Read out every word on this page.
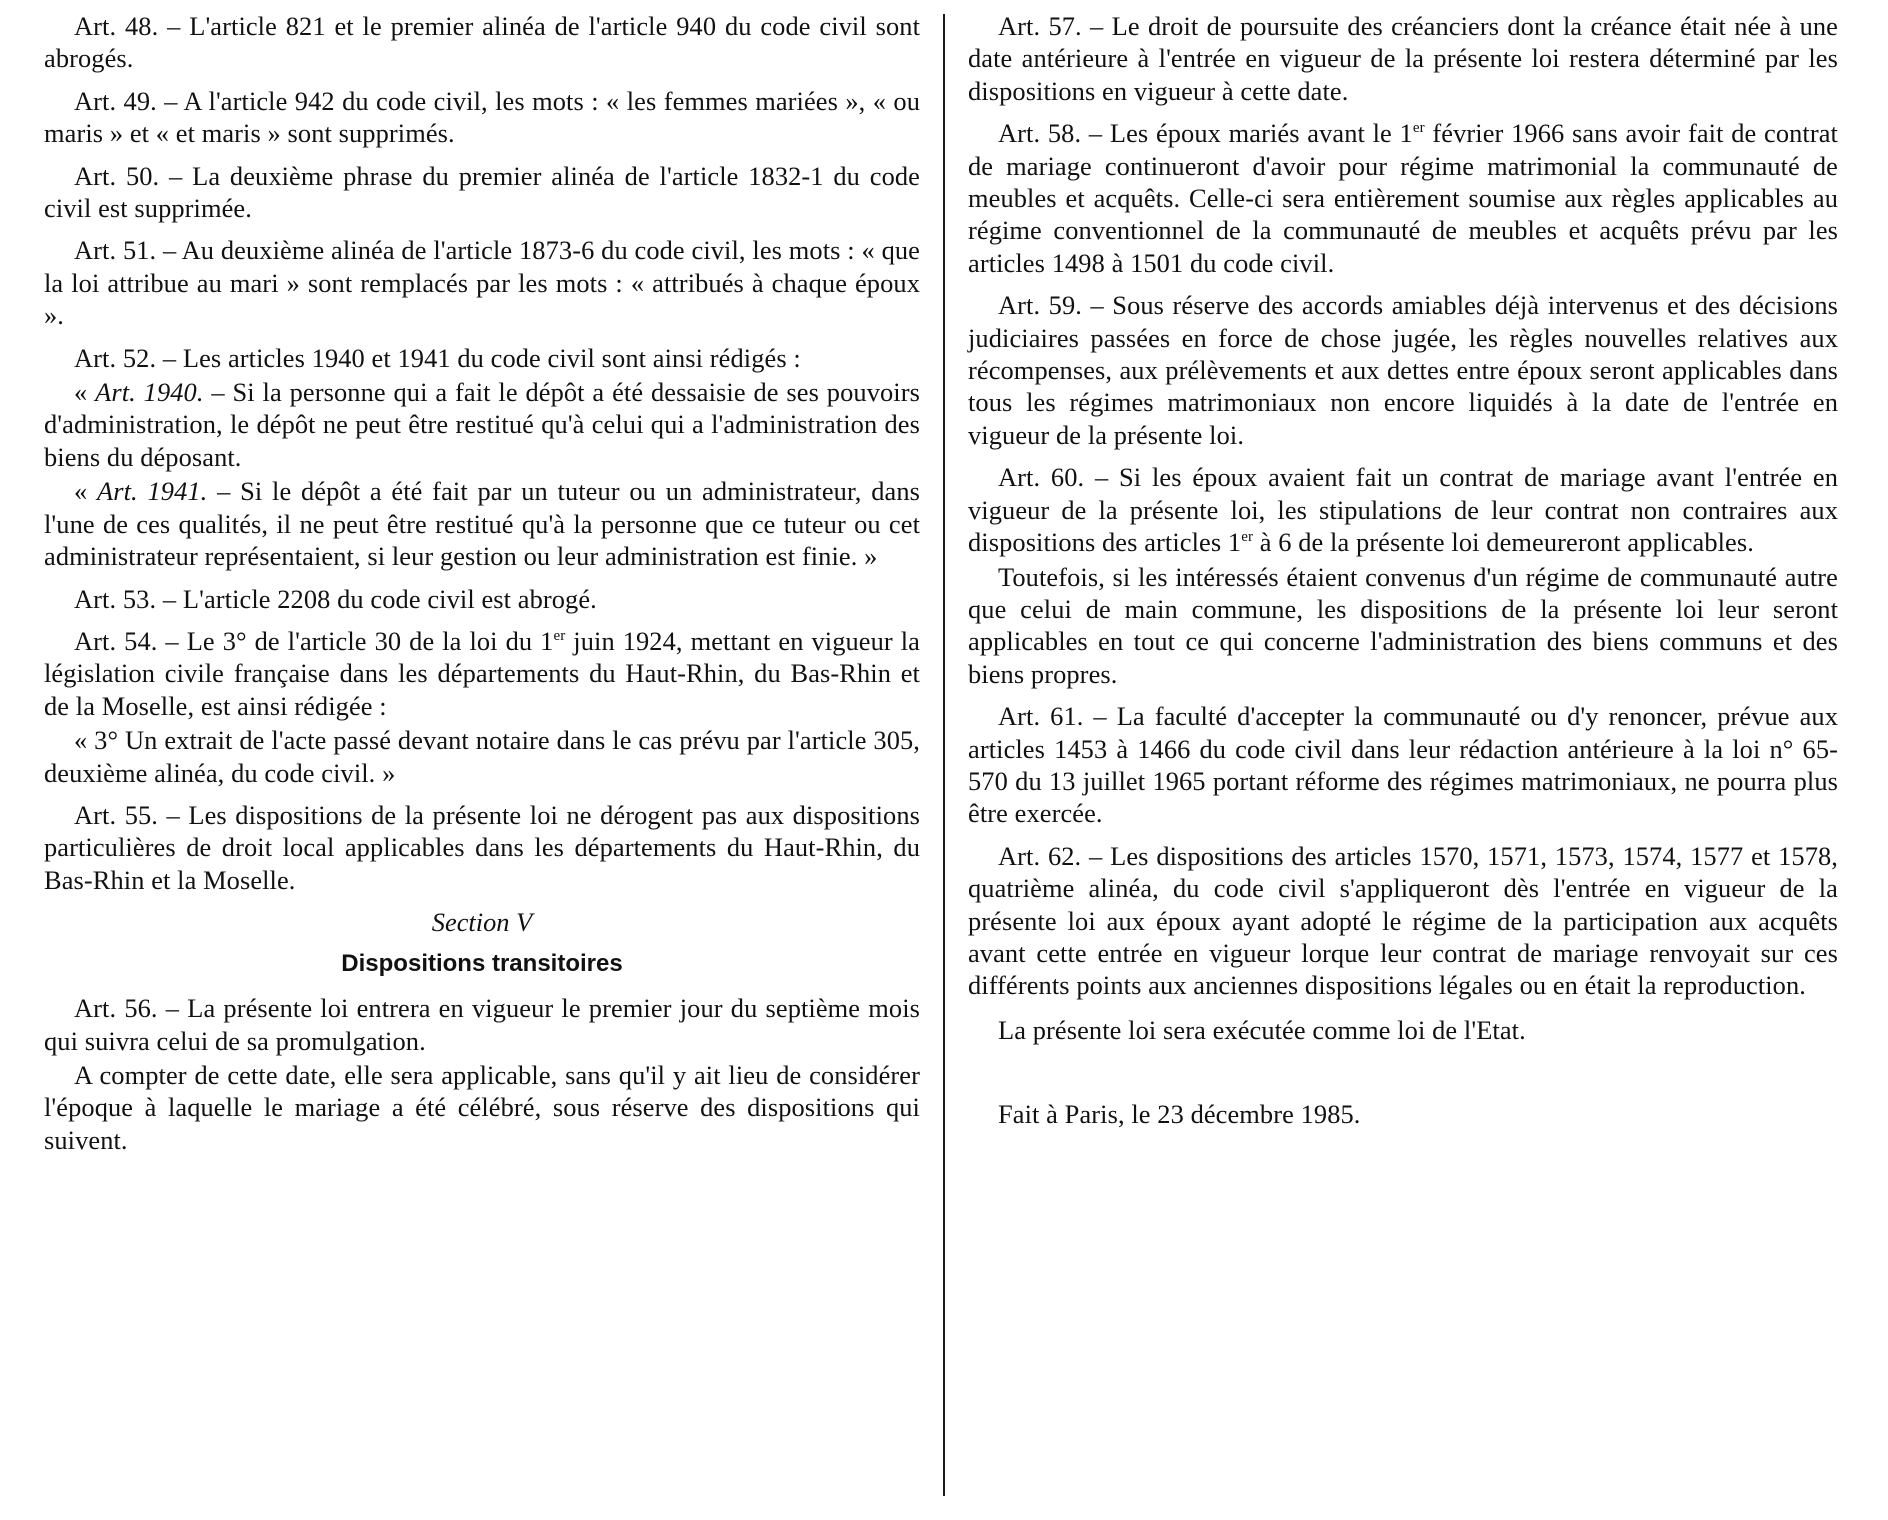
Art. 48. – L'article 821 et le premier alinéa de l'article 940 du code civil sont abrogés.

Art. 49. – A l'article 942 du code civil, les mots : « les femmes mariées », « ou maris » et « et maris » sont supprimés.

Art. 50. – La deuxième phrase du premier alinéa de l'article 1832-1 du code civil est supprimée.

Art. 51. – Au deuxième alinéa de l'article 1873-6 du code civil, les mots : « que la loi attribue au mari » sont remplacés par les mots : « attribués à chaque époux ».

Art. 52. – Les articles 1940 et 1941 du code civil sont ainsi rédigés :

« Art. 1940. – Si la personne qui a fait le dépôt a été dessaisie de ses pouvoirs d'administration, le dépôt ne peut être restitué qu'à celui qui a l'administration des biens du déposant.

« Art. 1941. – Si le dépôt a été fait par un tuteur ou un administrateur, dans l'une de ces qualités, il ne peut être restitué qu'à la personne que ce tuteur ou cet administrateur représentaient, si leur gestion ou leur administration est finie. »

Art. 53. – L'article 2208 du code civil est abrogé.

Art. 54. – Le 3° de l'article 30 de la loi du 1er juin 1924, mettant en vigueur la législation civile française dans les départements du Haut-Rhin, du Bas-Rhin et de la Moselle, est ainsi rédigée :

« 3° Un extrait de l'acte passé devant notaire dans le cas prévu par l'article 305, deuxième alinéa, du code civil. »

Art. 55. – Les dispositions de la présente loi ne dérogent pas aux dispositions particulières de droit local applicables dans les départements du Haut-Rhin, du Bas-Rhin et la Moselle.

Section V
Dispositions transitoires

Art. 56. – La présente loi entrera en vigueur le premier jour du septième mois qui suivra celui de sa promulgation.

A compter de cette date, elle sera applicable, sans qu'il y ait lieu de considérer l'époque à laquelle le mariage a été célébré, sous réserve des dispositions qui suivent.

Art. 57. – Le droit de poursuite des créanciers dont la créance était née à une date antérieure à l'entrée en vigueur de la présente loi restera déterminé par les dispositions en vigueur à cette date.

Art. 58. – Les époux mariés avant le 1er février 1966 sans avoir fait de contrat de mariage continueront d'avoir pour régime matrimonial la communauté de meubles et acquêts. Celle-ci sera entièrement soumise aux règles applicables au régime conventionnel de la communauté de meubles et acquêts prévu par les articles 1498 à 1501 du code civil.

Art. 59. – Sous réserve des accords amiables déjà intervenus et des décisions judiciaires passées en force de chose jugée, les règles nouvelles relatives aux récompenses, aux prélèvements et aux dettes entre époux seront applicables dans tous les régimes matrimoniaux non encore liquidés à la date de l'entrée en vigueur de la présente loi.

Art. 60. – Si les époux avaient fait un contrat de mariage avant l'entrée en vigueur de la présente loi, les stipulations de leur contrat non contraires aux dispositions des articles 1er à 6 de la présente loi demeureront applicables.

Toutefois, si les intéressés étaient convenus d'un régime de communauté autre que celui de main commune, les dispositions de la présente loi leur seront applicables en tout ce qui concerne l'administration des biens communs et des biens propres.

Art. 61. – La faculté d'accepter la communauté ou d'y renoncer, prévue aux articles 1453 à 1466 du code civil dans leur rédaction antérieure à la loi n° 65-570 du 13 juillet 1965 portant réforme des régimes matrimoniaux, ne pourra plus être exercée.

Art. 62. – Les dispositions des articles 1570, 1571, 1573, 1574, 1577 et 1578, quatrième alinéa, du code civil s'appliqueront dès l'entrée en vigueur de la présente loi aux époux ayant adopté le régime de la participation aux acquêts avant cette entrée en vigueur lorque leur contrat de mariage renvoyait sur ces différents points aux anciennes dispositions légales ou en était la reproduction.

La présente loi sera exécutée comme loi de l'Etat.

Fait à Paris, le 23 décembre 1985.
